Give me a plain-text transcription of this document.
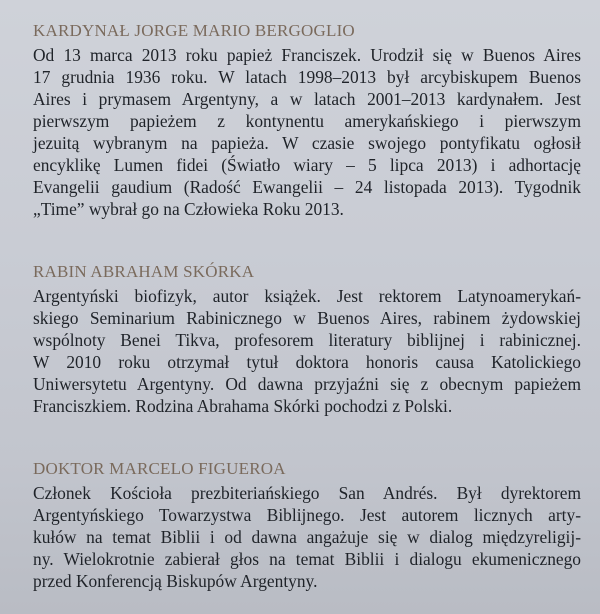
KARDYNAŁ JORGE MARIO BERGOGLIO
Od 13 marca 2013 roku papież Franciszek. Urodził się w Buenos Aires
17 grudnia 1936 roku. W latach 1998–2013 był arcybiskupem Buenos
Aires i prymasem Argentyny, a w latach 2001–2013 kardynałem. Jest
pierwszym papieżem z kontynentu amerykańskiego i pierwszym
jezuitą wybranym na papieża. W czasie swojego pontyfikatu ogłosił
encyklikę Lumen fidei (Światło wiary – 5 lipca 2013) i adhortację
Evangelii gaudium (Radość Ewangelii – 24 listopada 2013). Tygodnik
„Time” wybrał go na Człowieka Roku 2013.
RABIN ABRAHAM SKÓRKA
Argentyński biofizyk, autor książek. Jest rektorem Latynoamerykań-
skiego Seminarium Rabinicznego w Buenos Aires, rabinem żydowskiej
wspólnoty Benei Tikva, profesorem literatury biblijnej i rabinicznej.
W 2010 roku otrzymał tytuł doktora honoris causa Katolickiego
Uniwersytetu Argentyny. Od dawna przyjaźni się z obecnym papieżem
Franciszkiem. Rodzina Abrahama Skórki pochodzi z Polski.
DOKTOR MARCELO FIGUEROA
Członek Kościoła prezbiteriańskiego San Andrés. Był dyrektorem
Argentyńskiego Towarzystwa Biblijnego. Jest autorem licznych arty-
kułów na temat Biblii i od dawna angażuje się w dialog międzyreligij-
ny. Wielokrotnie zabierał głos na temat Biblii i dialogu ekumenicznego
przed Konferencją Biskupów Argentyny.
